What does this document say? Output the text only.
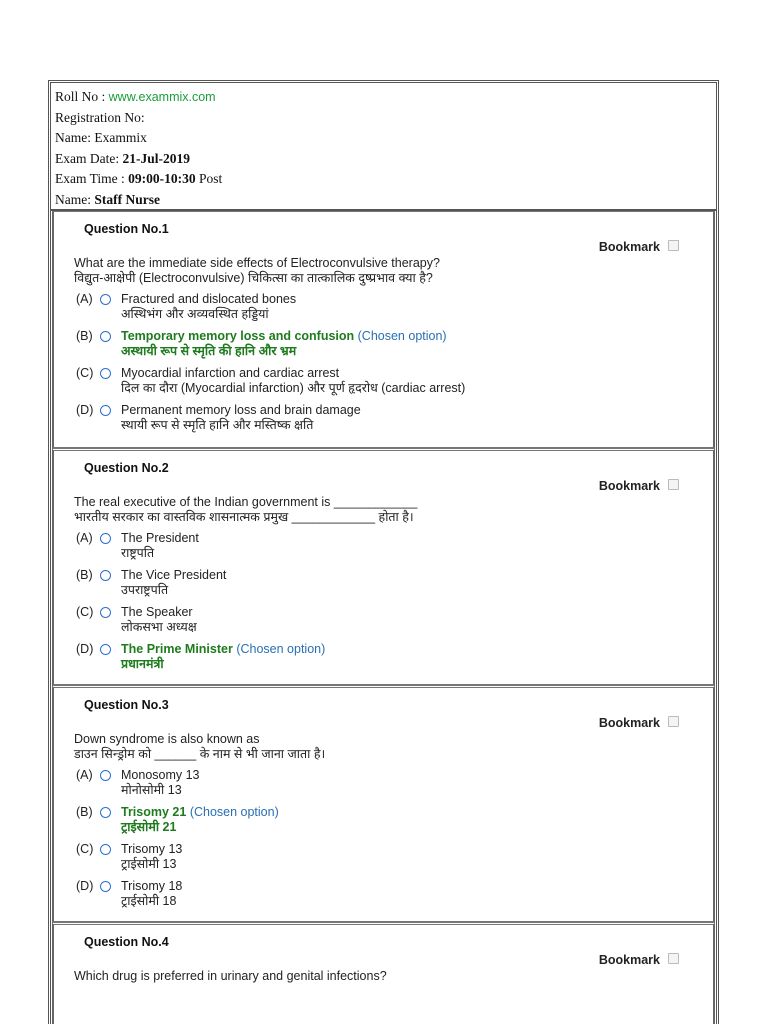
Roll No : www.exammix.com
Registration No:
Name: Exammix
Exam Date: 21-Jul-2019
Exam Time : 09:00-10:30 Post
Name: Staff Nurse
Question No.1
Bookmark
What are the immediate side effects of Electroconvulsive therapy?
विद्युत-आक्षेपी (Electroconvulsive) चिकित्सा का तात्कालिक दुष्प्रभाव क्या है?
(A)	Fractured and dislocated bones
अस्थिभंग और अव्यवस्थित हड्डियां
(B)	Temporary memory loss and confusion (Chosen option)
अस्थायी रूप से स्मृति की हानि और भ्रम
(C)	Myocardial infarction and cardiac arrest
दिल का दौरा (Myocardial infarction) और पूर्ण हृदरोध (cardiac arrest)
(D)	Permanent memory loss and brain damage
स्थायी रूप से स्मृति हानि और मस्तिष्क क्षति
Question No.2
Bookmark
The real executive of the Indian government is ____________
भारतीय सरकार का वास्तविक शासनात्मक प्रमुख ____________ होता है।
(A)	The President
राष्ट्रपति
(B)	The Vice President
उपराष्ट्रपति
(C)	The Speaker
लोकसभा अध्यक्ष
(D)	The Prime Minister (Chosen option)
प्रधानमंत्री
Question No.3
Bookmark
Down syndrome is also known as
डाउन सिन्ड्रोम को ______ के नाम से भी जाना जाता है।
(A)	Monosomy 13
मोनोसोमी 13
(B)	Trisomy 21 (Chosen option)
ट्राईसोमी 21
(C)	Trisomy 13
ट्राईसोमी 13
(D)	Trisomy 18
ट्राईसोमी 18
Question No.4
Bookmark
Which drug is preferred in urinary and genital infections?
